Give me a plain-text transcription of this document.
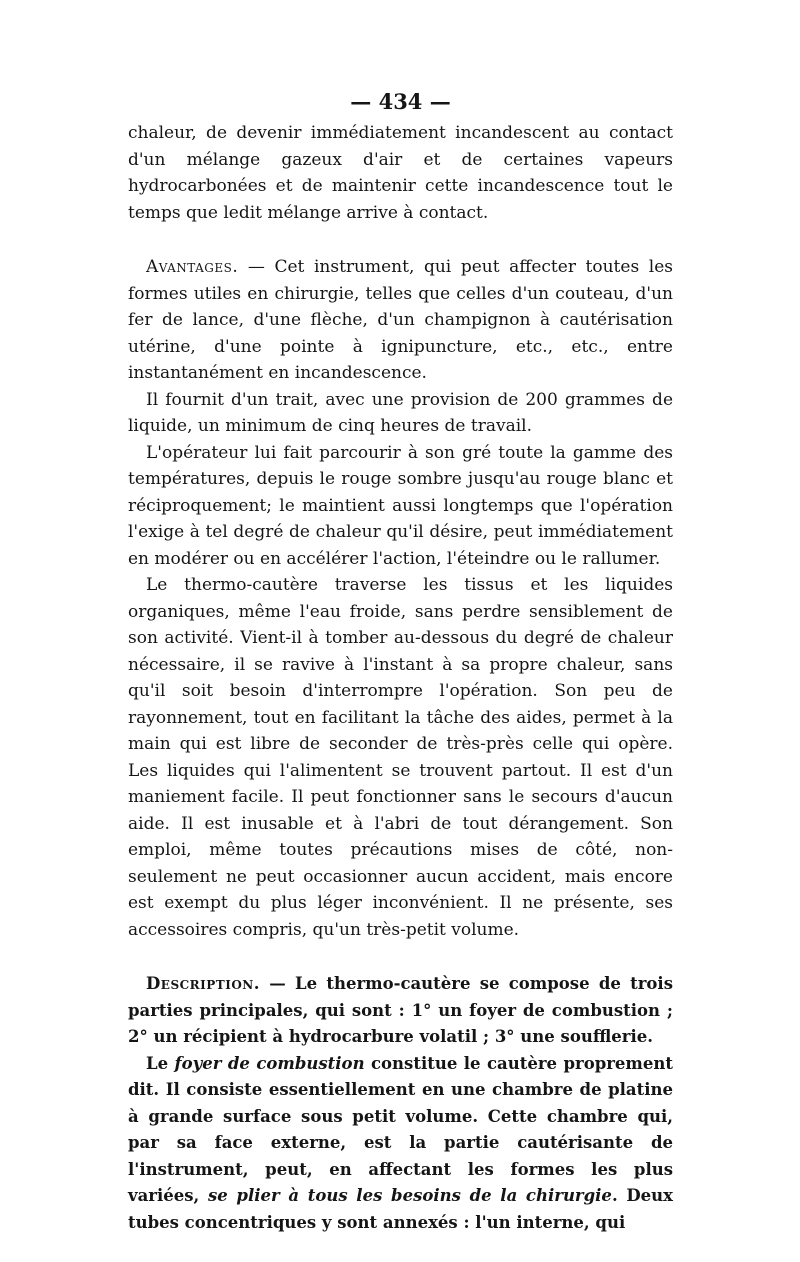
— 434 —

chaleur, de devenir immédiatement incandescent au contact d'un mélange gazeux d'air et de certaines vapeurs hydrocarbonées et de maintenir cette incandescence tout le temps que ledit mélange arrive à contact.

Avantages. — Cet instrument, qui peut affecter toutes les formes utiles en chirurgie, telles que celles d'un couteau, d'un fer de lance, d'une flèche, d'un champignon à cautérisation utérine, d'une pointe à ignipuncture, etc., etc., entre instantanément en incandescence.

Il fournit d'un trait, avec une provision de 200 grammes de liquide, un minimum de cinq heures de travail.

L'opérateur lui fait parcourir à son gré toute la gamme des températures, depuis le rouge sombre jusqu'au rouge blanc et réciproquement; le maintient aussi longtemps que l'opération l'exige à tel degré de chaleur qu'il désire, peut immédiatement en modérer ou en accélérer l'action, l'éteindre ou le rallumer.

Le thermo-cautère traverse les tissus et les liquides organiques, même l'eau froide, sans perdre sensiblement de son activité. Vient-il à tomber au-dessous du degré de chaleur nécessaire, il se ravive à l'instant à sa propre chaleur, sans qu'il soit besoin d'interrompre l'opération. Son peu de rayonnement, tout en facilitant la tâche des aides, permet à la main qui est libre de seconder de très-près celle qui opère. Les liquides qui l'alimentent se trouvent partout. Il est d'un maniement facile. Il peut fonctionner sans le secours d'aucun aide. Il est inusable et à l'abri de tout dérangement. Son emploi, même toutes précautions mises de côté, non-seulement ne peut occasionner aucun accident, mais encore est exempt du plus léger inconvénient. Il ne présente, ses accessoires compris, qu'un très-petit volume.

Description. — Le thermo-cautère se compose de trois parties principales, qui sont : 1° un foyer de combustion ; 2° un récipient à hydrocarbure volatil ; 3° une soufflerie.

Le foyer de combustion constitue le cautère proprement dit. Il consiste essentiellement en une chambre de platine à grande surface sous petit volume. Cette chambre qui, par sa face externe, est la partie cautérisante de l'instrument, peut, en affectant les formes les plus variées, se plier à tous les besoins de la chirurgie. Deux tubes concentriques y sont annexés : l'un interne, qui
